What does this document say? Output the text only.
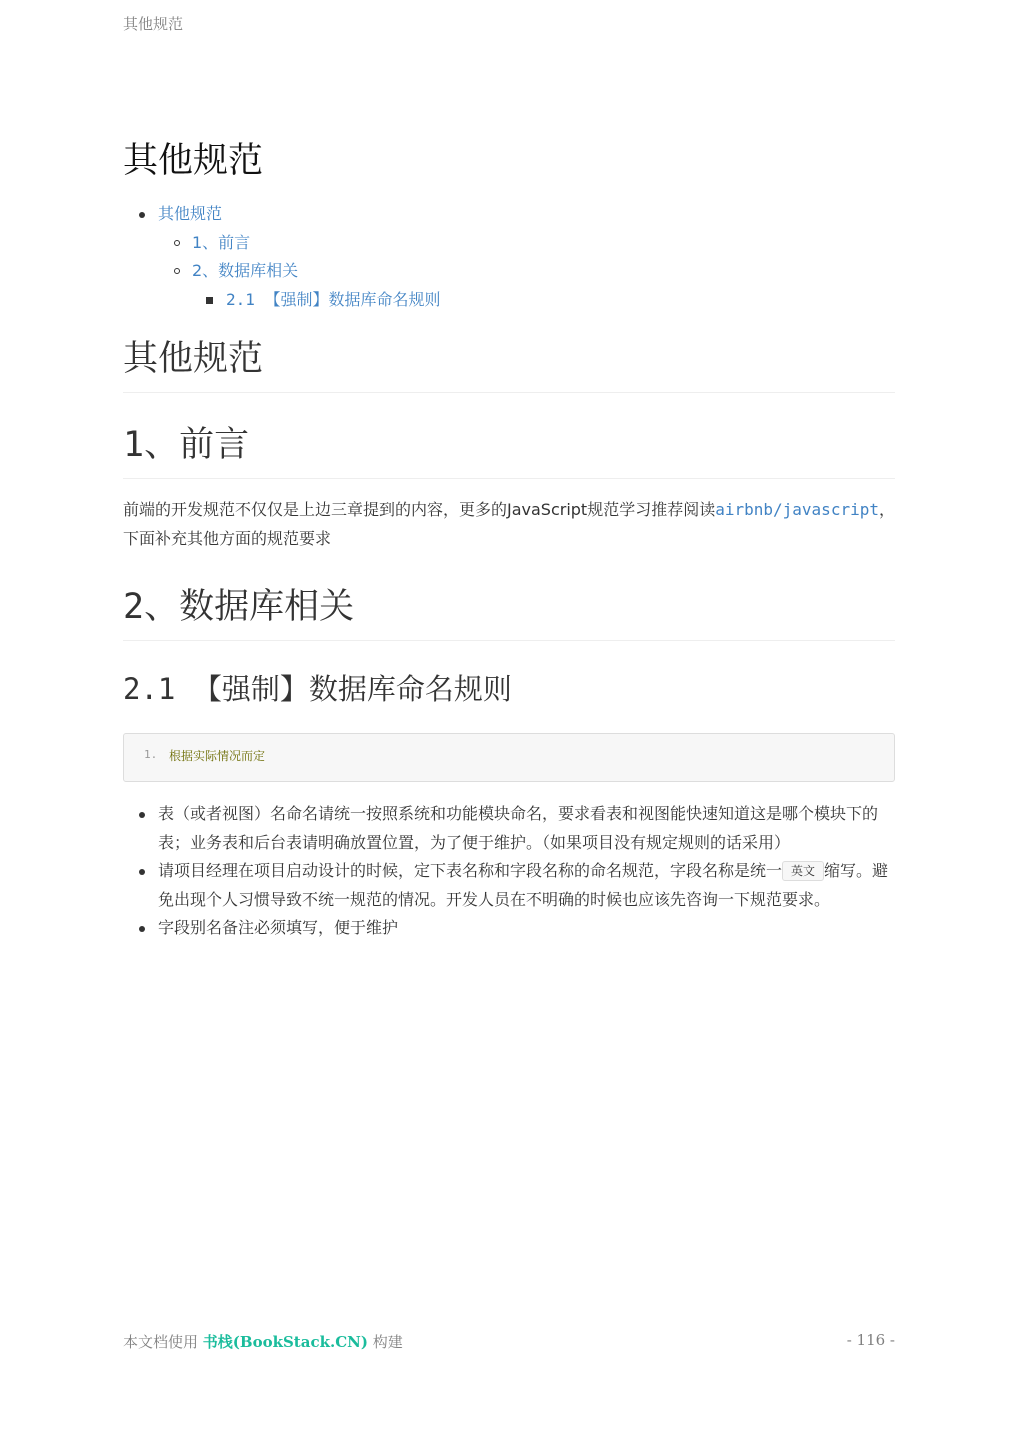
其他规范
其他规范
其他规范
1、前言
2、数据库相关
2.1 【强制】数据库命名规则
其他规范
1、前言

前端的开发规范不仅仅是上边三章提到的内容，更多的JavaScript规范学习推荐阅读airbnb/javascript，下面补充其他方面的规范要求

2、数据库相关
2.1 【强制】数据库命名规则
1. 根据实际情况而定
表（或者视图）名命名请统一按照系统和功能模块命名，要求看表和视图能快速知道这是哪个模块下的表；业务表和后台表请明确放置位置，为了便于维护。（如果项目没有规定规则的话采用）
请项目经理在项目启动设计的时候，定下表名称和字段名称的命名规范，字段名称是统一 英文 缩写。避免出现个人习惯导致不统一规范的情况。开发人员在不明确的时候也应该先咨询一下规范要求。
字段别名备注必须填写，便于维护
本文档使用 书栈(BookStack.CN) 构建	- 116 -
